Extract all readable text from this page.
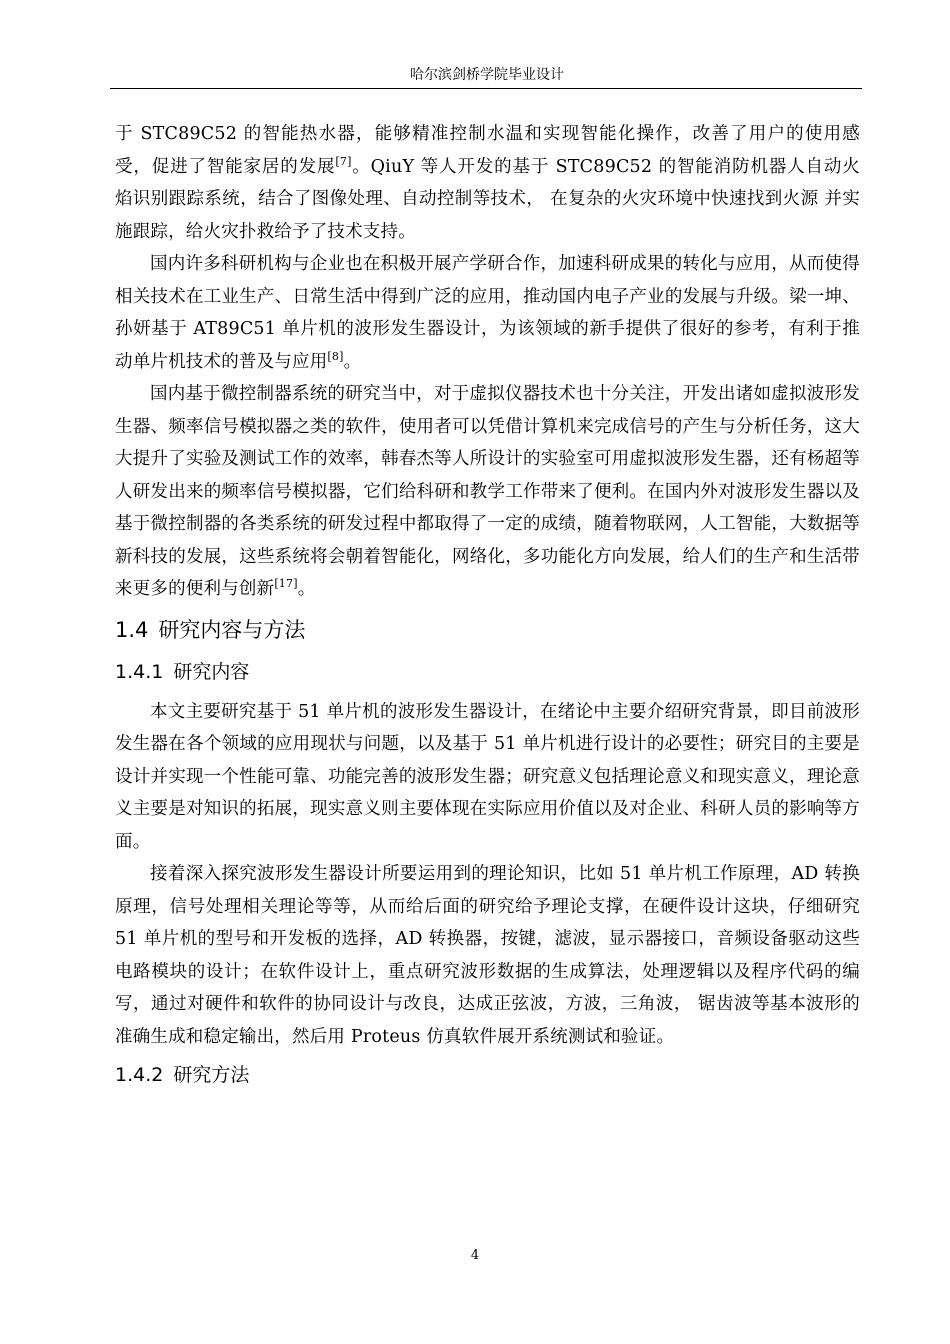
哈尔滨剑桥学院毕业设计

于 STC89C52 的智能热水器，能够精准控制水温和实现智能化操作，改善了用户的使用感 受，促进了智能家居的发展[7]。QiuY 等人开发的基于 STC89C52 的智能消防机器人自动火 焰识别跟踪系统，结合了图像处理、自动控制等技术， 在复杂的火灾环境中快速找到火源 并实施跟踪，给火灾扑救给予了技术支持。

国内许多科研机构与企业也在积极开展产学研合作，加速科研成果的转化与应用，从而使得相关技术在工业生产、日常生活中得到广泛的应用，推动国内电子产业的发展与升级。梁一坤、孙妍基于 AT89C51 单片机的波形发生器设计，为该领域的新手提供了很好的参考，有利于推动单片机技术的普及与应用[8]。

国内基于微控制器系统的研究当中，对于虚拟仪器技术也十分关注，开发出诸如虚拟波形发生器、频率信号模拟器之类的软件，使用者可以凭借计算机来完成信号的产生与分析任务，这大大提升了实验及测试工作的效率，韩春杰等人所设计的实验室可用虚拟波形发生器，还有杨超等人研发出来的频率信号模拟器，它们给科研和教学工作带来了便利。在国内外对波形发生器以及基于微控制器的各类系统的研发过程中都取得了一定的成绩，随着物联网，人工智能，大数据等新科技的发展，这些系统将会朝着智能化，网络化，多功能化方向发展，给人们的生产和生活带来更多的便利与创新[17]。

1.4 研究内容与方法
1.4.1 研究内容

本文主要研究基于 51 单片机的波形发生器设计，在绪论中主要介绍研究背景，即目前波形发生器在各个领域的应用现状与问题，以及基于 51 单片机进行设计的必要性；研究目的主要是设计并实现一个性能可靠、功能完善的波形发生器；研究意义包括理论意义和现实意义，理论意义主要是对知识的拓展，现实意义则主要体现在实际应用价值以及对企业、科研人员的影响等方面。

接着深入探究波形发生器设计所要运用到的理论知识，比如 51 单片机工作原理，AD 转换原理，信号处理相关理论等等，从而给后面的研究给予理论支撑，在硬件设计这块，仔细研究 51 单片机的型号和开发板的选择，AD 转换器，按键，滤波，显示器接口，音频设备驱动这些电路模块的设计；在软件设计上，重点研究波形数据的生成算法，处理逻辑以及程序代码的编写，通过对硬件和软件的协同设计与改良，达成正弦波，方波，三角波， 锯齿波等基本波形的准确生成和稳定输出，然后用 Proteus 仿真软件展开系统测试和验证。

1.4.2 研究方法
4
